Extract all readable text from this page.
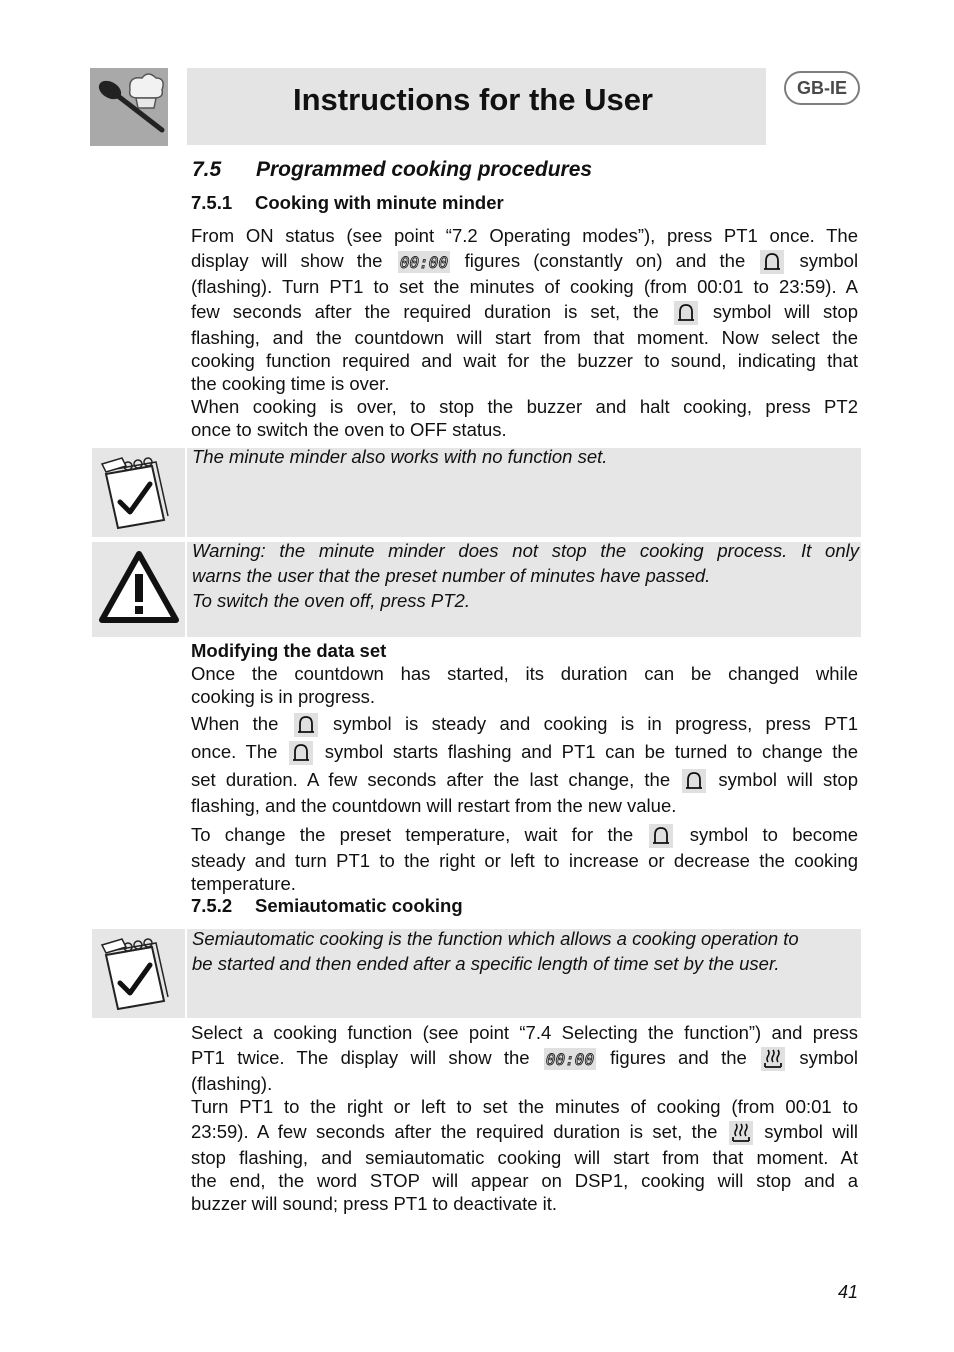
Instructions for the User	GB-IE
7.5 Programmed cooking procedures
7.5.1 Cooking with minute minder
From ON status (see point “7.2 Operating modes”), press PT1 once. The
display will show the 00:00 figures (constantly on) and the	symbol
(flashing). Turn PT1 to set the minutes of cooking (from 00:01 to 23:59). A
few seconds after the required duration is set, the	symbol will stop
flashing, and the countdown will start from that moment. Now select the
cooking function required and wait for the buzzer to sound, indicating that
the cooking time is over.
When cooking is over, to stop the buzzer and halt cooking, press PT2
once to switch the oven to OFF status.
The minute minder also works with no function set.
Warning: the minute minder does not stop the cooking process. It only
warns the user that the preset number of minutes have passed.
To switch the oven off, press PT2.
Modifying the data set
Once the countdown has started, its duration can be changed while
cooking is in progress.
When the	symbol is steady and cooking is in progress, press PT1
once. The	symbol starts flashing and PT1 can be turned to change the
set duration. A few seconds after the last change, the	symbol will stop
flashing, and the countdown will restart from the new value.
To change the preset temperature, wait for the	symbol to become
steady and turn PT1 to the right or left to increase or decrease the cooking
temperature.
7.5.2 Semiautomatic cooking
Semiautomatic cooking is the function which allows a cooking operation to
be started and then ended after a specific length of time set by the user.
Select a cooking function (see point “7.4 Selecting the function”) and press
PT1 twice. The display will show the 00:00 figures and the	symbol
(flashing).
Turn PT1 to the right or left to set the minutes of cooking (from 00:01 to
23:59). A few seconds after the required duration is set, the	symbol will
stop flashing, and semiautomatic cooking will start from that moment. At
the end, the word STOP will appear on DSP1, cooking will stop and a
buzzer will sound; press PT1 to deactivate it.
41
